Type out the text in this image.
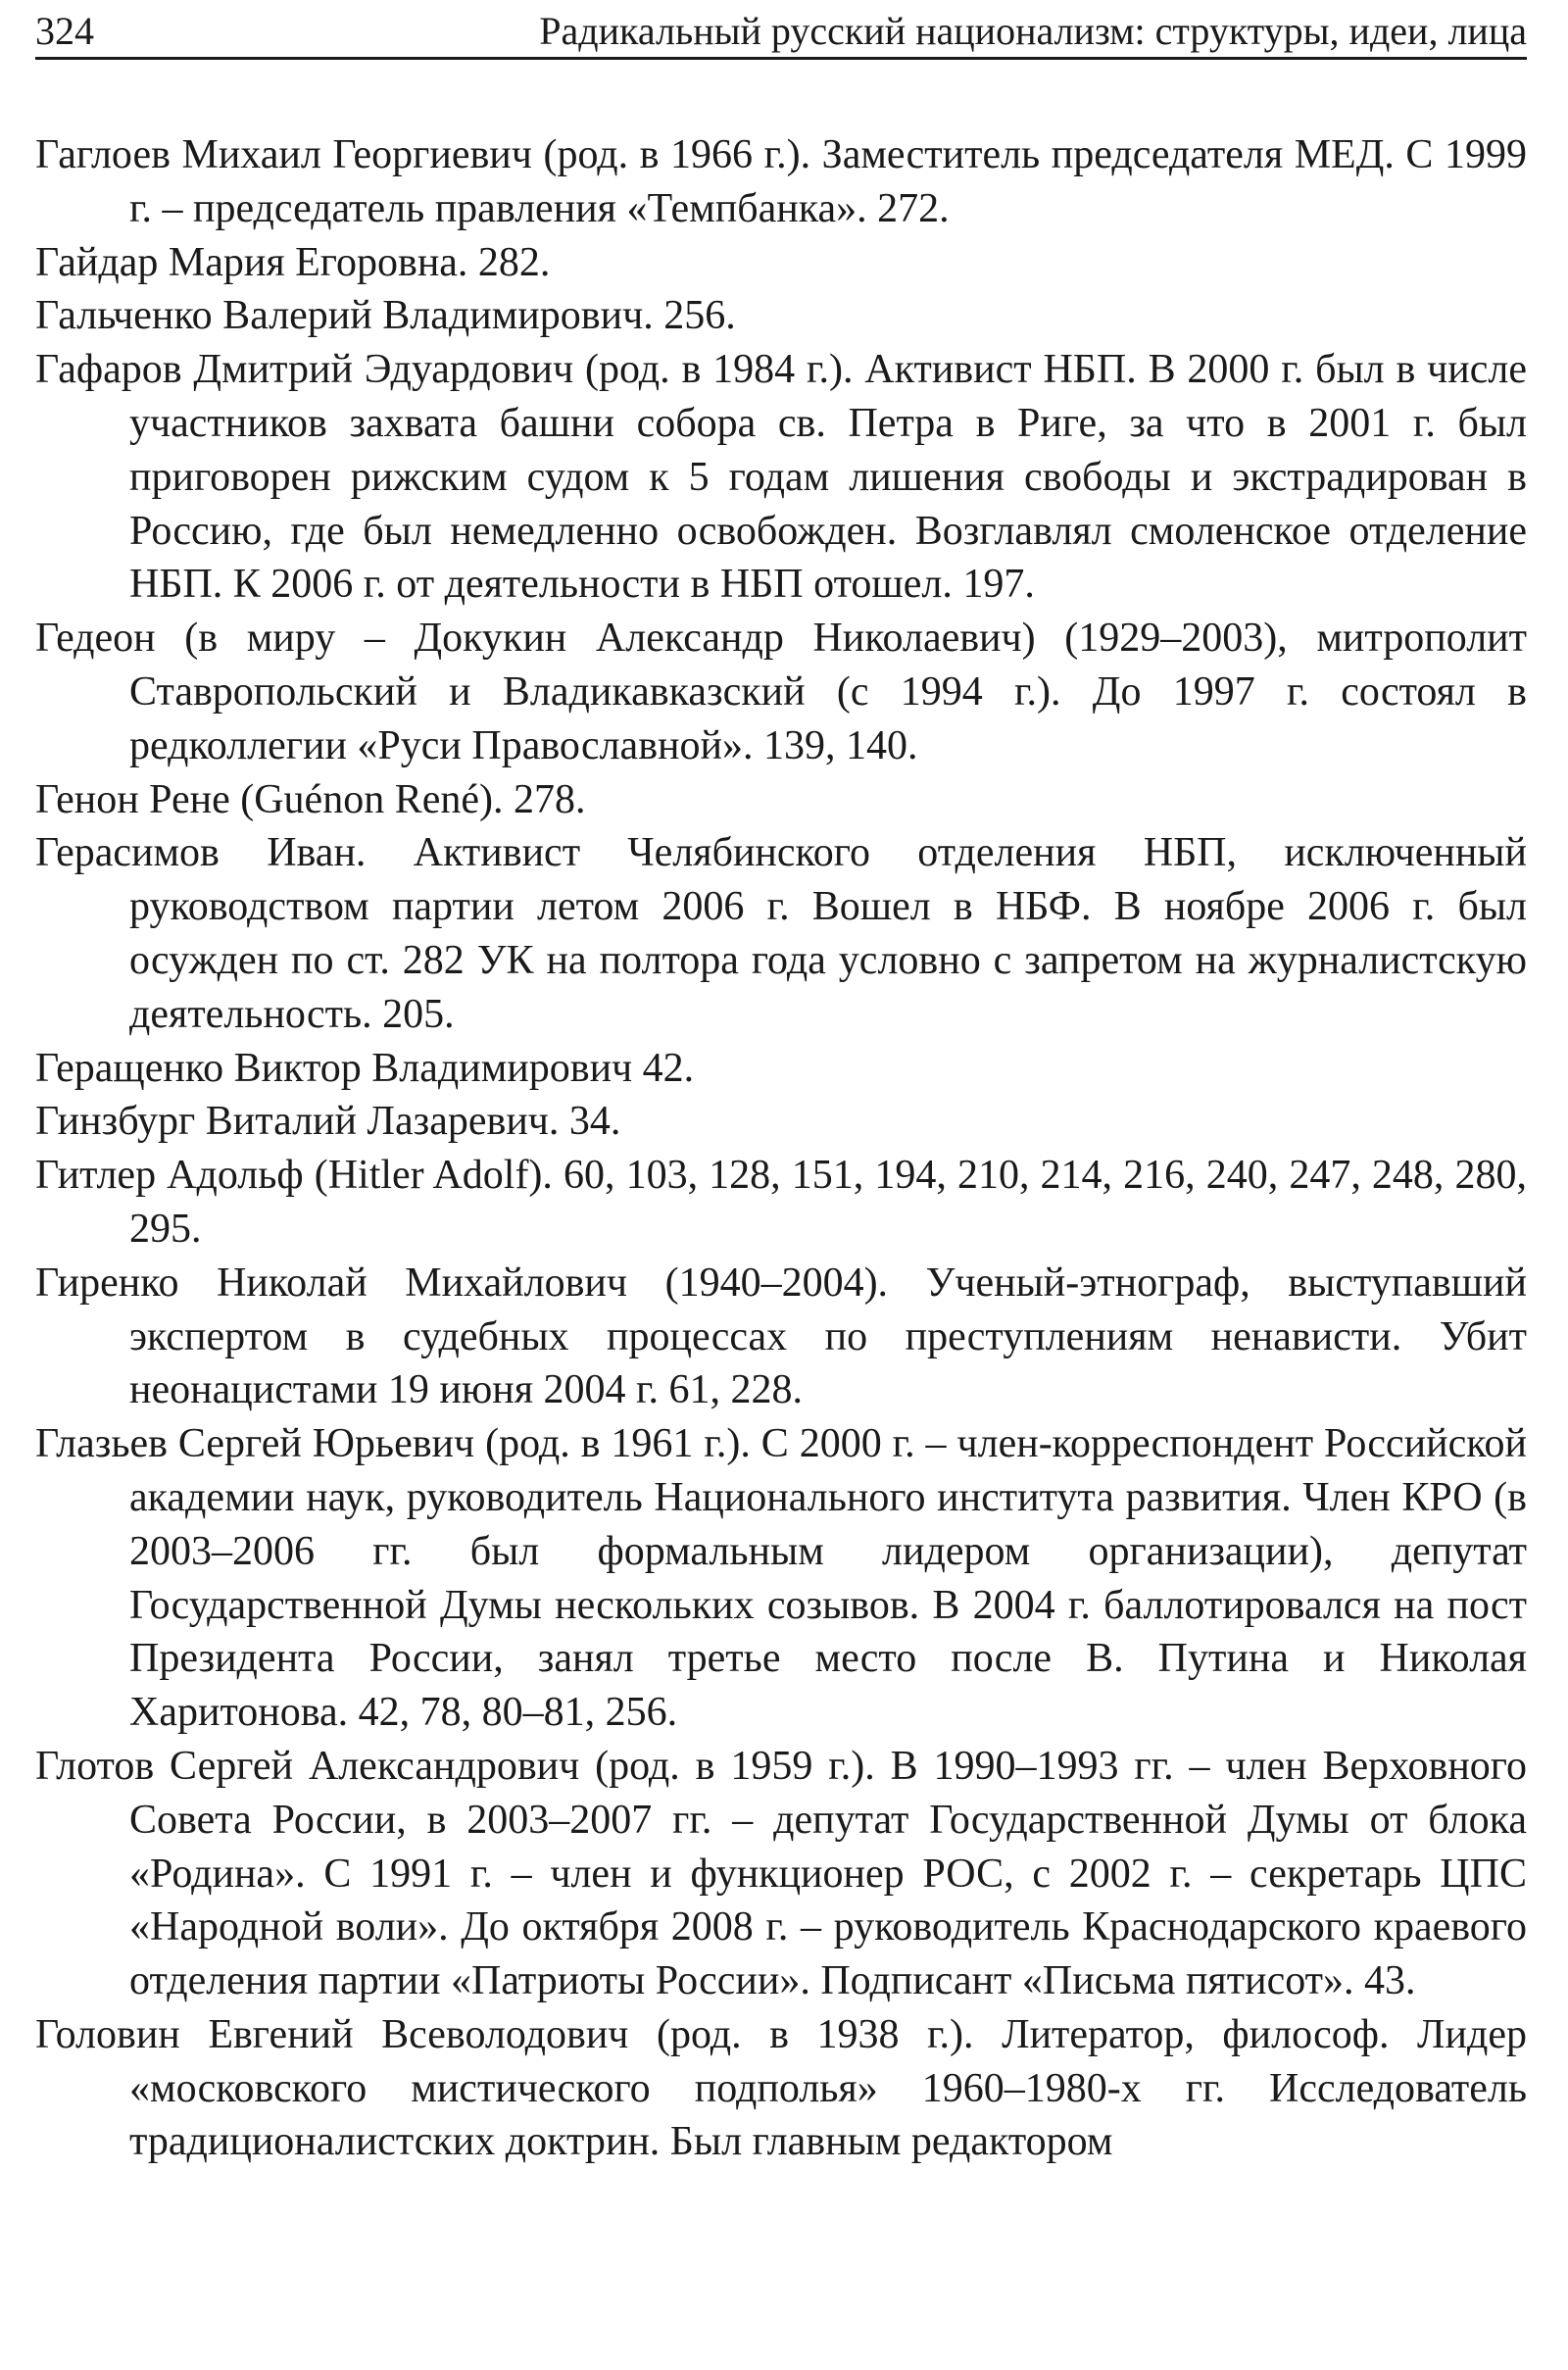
324	Радикальный русский национализм: структуры, идеи, лица

Гаглоев Михаил Георгиевич (род. в 1966 г.). Заместитель председателя МЕД. С 1999 г. – председатель правления «Темпбанка». 272.

Гайдар Мария Егоровна. 282.

Гальченко Валерий Владимирович. 256.

Гафаров Дмитрий Эдуардович (род. в 1984 г.). Активист НБП. В 2000 г. был в числе участников захвата башни собора св. Петра в Риге, за что в 2001 г. был приговорен рижским судом к 5 годам лишения свободы и экстрадирован в Россию, где был немедленно освобожден. Возглавлял смоленское отделение НБП. К 2006 г. от деятельности в НБП отошел. 197.

Гедеон (в миру – Докукин Александр Николаевич) (1929–2003), митрополит Ставропольский и Владикавказский (с 1994 г.). До 1997 г. состоял в редколлегии «Руси Православной». 139, 140.

Генон Рене (Guénon René). 278.

Герасимов Иван. Активист Челябинского отделения НБП, исключенный руководством партии летом 2006 г. Вошел в НБФ. В ноябре 2006 г. был осужден по ст. 282 УК на полтора года условно с запретом на журналистскую деятельность. 205.

Геращенко Виктор Владимирович 42.

Гинзбург Виталий Лазаревич. 34.

Гитлер Адольф (Hitler Adolf). 60, 103, 128, 151, 194, 210, 214, 216, 240, 247, 248, 280, 295.

Гиренко Николай Михайлович (1940–2004). Ученый-этнограф, выступавший экспертом в судебных процессах по преступлениям ненависти. Убит неонацистами 19 июня 2004 г. 61, 228.

Глазьев Сергей Юрьевич (род. в 1961 г.). С 2000 г. – член-корреспондент Российской академии наук, руководитель Национального института развития. Член КРО (в 2003–2006 гг. был формальным лидером организации), депутат Государственной Думы нескольких созывов. В 2004 г. баллотировался на пост Президента России, занял третье место после В. Путина и Николая Харитонова. 42, 78, 80–81, 256.

Глотов Сергей Александрович (род. в 1959 г.). В 1990–1993 гг. – член Верховного Совета России, в 2003–2007 гг. – депутат Государственной Думы от блока «Родина». С 1991 г. – член и функционер РОС, с 2002 г. – секретарь ЦПС «Народной воли». До октября 2008 г. – руководитель Краснодарского краевого отделения партии «Патриоты России». Подписант «Письма пятисот». 43.

Головин Евгений Всеволодович (род. в 1938 г.). Литератор, философ. Лидер «московского мистического подполья» 1960–1980-х гг. Исследователь традиционалистских доктрин. Был главным редактором
